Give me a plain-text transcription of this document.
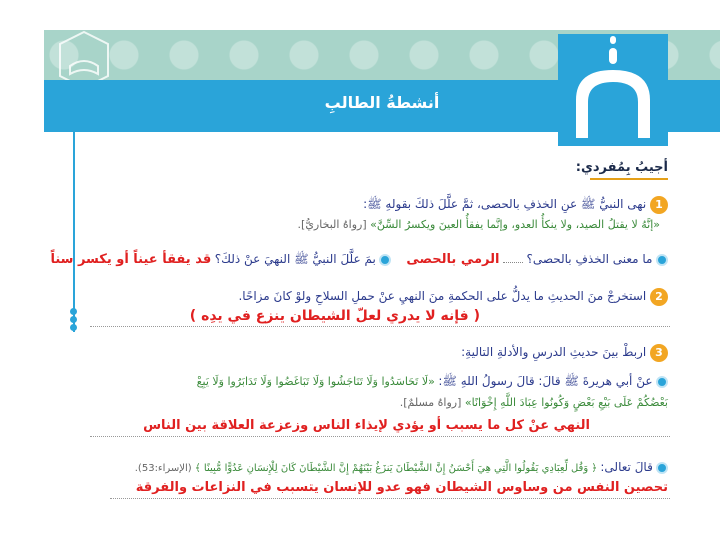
أنشطةُ الطالبِ
أجيبُ بِمُفردي:
1 نهى النبيُّ ﷺ عنِ الخذفِ بالحصى، ثمَّ علَّلَ ذلكَ بقولهِ ﷺ:
«إنَّهُ لا يقتلُ الصيد، ولا ينكأُ العدو، وإنَّما يفقأُ العينَ ويكسرُ السِّنَّ» [رواهُ البخاريُّ].
ما معنى الخذفِ بالحصى؟  الرمي بالحصى   بمَ علَّلَ النبيُّ ﷺ النهيَ عنْ ذلكَ؟ قد يفقأ عيناً أو يكسر سناً
2 استخرجْ منَ الحديثِ ما يدلُّ على الحكمةِ منَ النهيِ عنْ حملِ السلاحِ ولوْ كانَ مزاحًا.
( فإنه لا يدري لعلّ الشيطان ينزع في يدِه )
3 اربطْ بينَ حديثِ الدرسِ والأدلةِ التاليةِ:
عنْ أبي هريرةَ ﷺ قالَ: قالَ رسولُ اللهِ ﷺ: «لَا تَحَاسَدُوا وَلَا تَنَاجَشُوا وَلَا تَبَاغَضُوا وَلَا تَدَابَرُوا وَلَا يَبِعْ
بَعْضُكُمْ عَلَى بَيْعِ بَعْضٍ وَكُونُوا عِبَادَ اللَّهِ إِخْوَانًا» [رواهُ مسلمٌ].
النهي عنْ كل ما يسبب أو يؤدي لإيذاء الناس وزعزعة العلاقة بين الناس
قالَ تعالى: ﴿ وَقُل لِّعِبَادِي يَقُولُوا الَّتِي هِيَ أَحْسَنُ إِنَّ الشَّيْطَانَ يَنزَغُ بَيْنَهُمْ إِنَّ الشَّيْطَانَ كَانَ لِلْإِنسَانِ عَدُوًّا مُّبِينًا ﴾ (الإسراء:53).
تحصين النفس من وساوس الشيطان فهو عدو للإنسان يتسبب في النزاعات والفرقة
